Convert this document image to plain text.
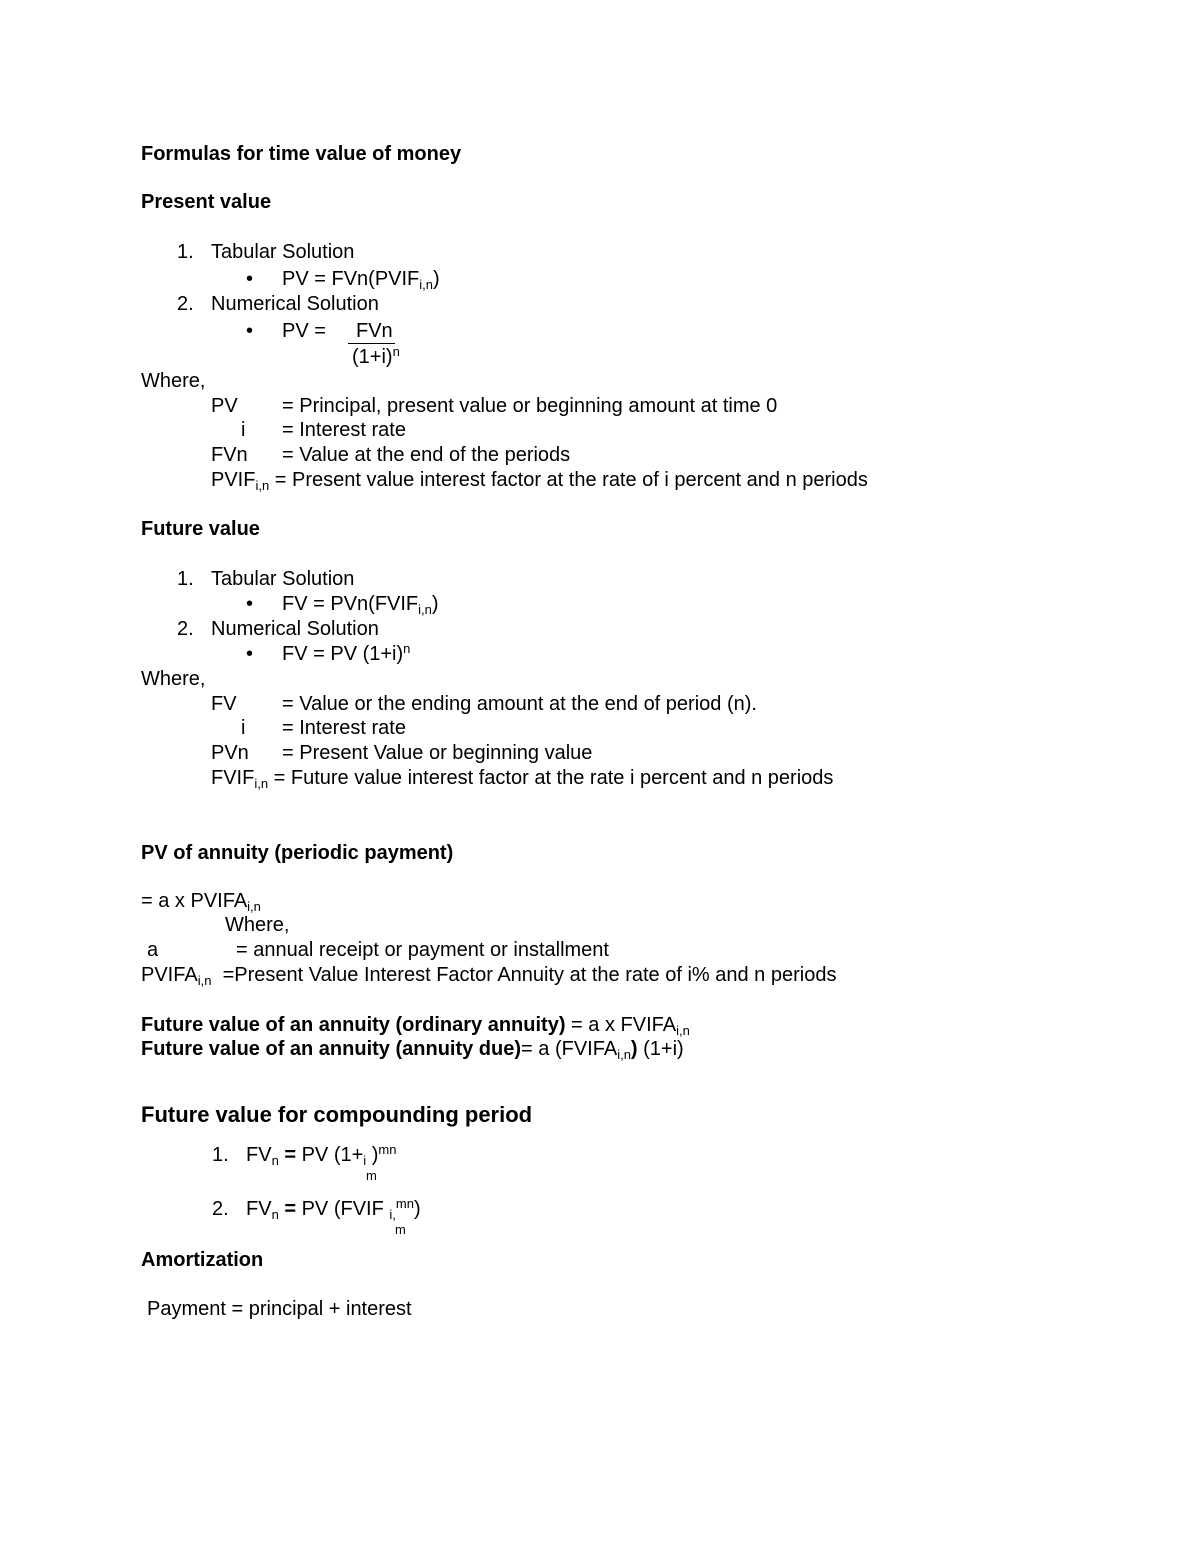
Formulas for time value of money
Present value
1. Tabular Solution
• PV = $FVn(PVIF_{i,n})$
2. Numerical Solution
• PV =	FVn
$(1+i)^n$
Where,
PV = Principal, present value or beginning amount at time 0
i = Interest rate
FVn = Value at the end of the periods
$PVIF_{i,n}$ = Present value interest factor at the rate of i percent and n periods
Future value
1. Tabular Solution
• FV = $PVn(FVIF_{i,n})$
2. Numerical Solution
• FV = PV $(1+i)^n$
Where,
FV = Value or the ending amount at the end of period (n).
i = Interest rate
PVn = Present Value or beginning value
$FVIF_{i,n}$ = Future value interest factor at the rate i percent and n periods
PV of annuity (periodic payment)
= a x $PVIFA_{i,n}$
Where,
a	= annual receipt or payment or installment
$PVIFA_{i,n}$ =Present Value Interest Factor Annuity at the rate of i% and n periods
Future value of an annuity (ordinary annuity) = a x $FVIFA_{i,n}$
Future value of an annuity (annuity due)= a $(FVIFA_{i,n})$ (1+i)
Future value for compounding period
1. $FV_n$ = PV ($1+_i$ )$^{mn}$
m
2. $FV_n$ = PV (FVIF $_{i,}^{mn}$)
m
Amortization
Payment = principal + interest
